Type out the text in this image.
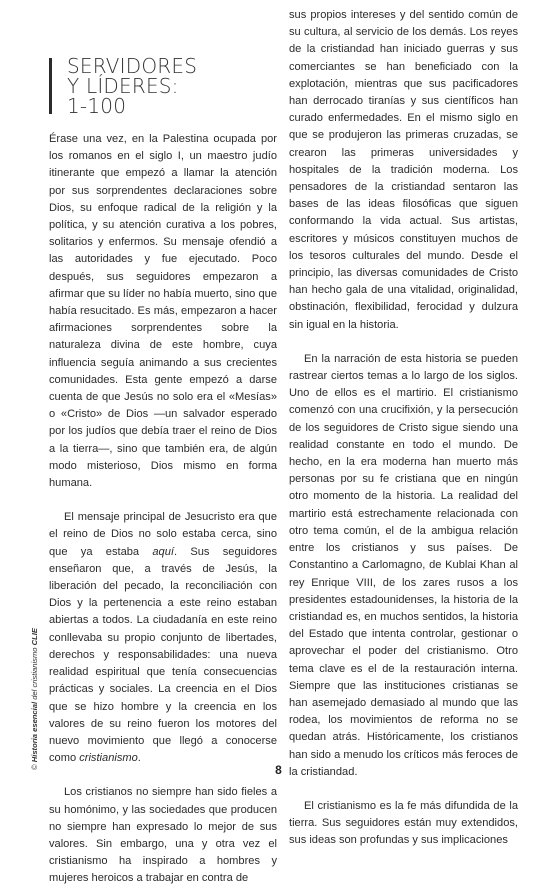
SERVIDORES
Y LÍDERES:
1-100

Érase una vez, en la Palestina ocupada por los romanos en el siglo I, un maestro judío itinerante que empezó a llamar la atención por sus sorprendentes declaraciones sobre Dios, su enfoque radical de la religión y la política, y su atención curativa a los pobres, solitarios y enfermos. Su mensaje ofendió a las autoridades y fue ejecutado. Poco después, sus seguidores empezaron a afirmar que su líder no había muerto, sino que había resucitado. Es más, empezaron a hacer afirmaciones sorprendentes sobre la naturaleza divina de este hombre, cuya influencia seguía animando a sus crecientes comunidades. Esta gente empezó a darse cuenta de que Jesús no solo era el «Mesías» o «Cristo» de Dios —un salvador esperado por los judíos que debía traer el reino de Dios a la tierra—, sino que también era, de algún modo misterioso, Dios mismo en forma humana.

El mensaje principal de Jesucristo era que el reino de Dios no solo estaba cerca, sino que ya estaba aquí. Sus seguidores enseñaron que, a través de Jesús, la liberación del pecado, la reconciliación con Dios y la pertenencia a este reino estaban abiertas a todos. La ciudadanía en este reino conllevaba su propio conjunto de libertades, derechos y responsabilidades: una nueva realidad espiritual que tenía consecuencias prácticas y sociales. La creencia en el Dios que se hizo hombre y la creencia en los valores de su reino fueron los motores del nuevo movimiento que llegó a conocerse como cristianismo.

Los cristianos no siempre han sido fieles a su homónimo, y las sociedades que producen no siempre han expresado lo mejor de sus valores. Sin embargo, una y otra vez el cristianismo ha inspirado a hombres y mujeres heroicos a trabajar en contra de

sus propios intereses y del sentido común de su cultura, al servicio de los demás. Los reyes de la cristiandad han iniciado guerras y sus comerciantes se han beneficiado con la explotación, mientras que sus pacificadores han derrocado tiranías y sus científicos han curado enfermedades. En el mismo siglo en que se produjeron las primeras cruzadas, se crearon las primeras universidades y hospitales de la tradición moderna. Los pensadores de la cristiandad sentaron las bases de las ideas filosóficas que siguen conformando la vida actual. Sus artistas, escritores y músicos constituyen muchos de los tesoros culturales del mundo. Desde el principio, las diversas comunidades de Cristo han hecho gala de una vitalidad, originalidad, obstinación, flexibilidad, ferocidad y dulzura sin igual en la historia.

En la narración de esta historia se pueden rastrear ciertos temas a lo largo de los siglos. Uno de ellos es el martirio. El cristianismo comenzó con una crucifixión, y la persecución de los seguidores de Cristo sigue siendo una realidad constante en todo el mundo. De hecho, en la era moderna han muerto más personas por su fe cristiana que en ningún otro momento de la historia. La realidad del martirio está estrechamente relacionada con otro tema común, el de la ambigua relación entre los cristianos y sus países. De Constantino a Carlomagno, de Kublai Khan al rey Enrique VIII, de los zares rusos a los presidentes estadounidenses, la historia de la cristiandad es, en muchos sentidos, la historia del Estado que intenta controlar, gestionar o aprovechar el poder del cristianismo. Otro tema clave es el de la restauración interna. Siempre que las instituciones cristianas se han asemejado demasiado al mundo que las rodea, los movimientos de reforma no se quedan atrás. Históricamente, los cristianos han sido a menudo los críticos más feroces de la cristiandad.

El cristianismo es la fe más difundida de la tierra. Sus seguidores están muy extendidos, sus ideas son profundas y sus implicaciones

© Historia esencial del cristianismo CLIE
8
